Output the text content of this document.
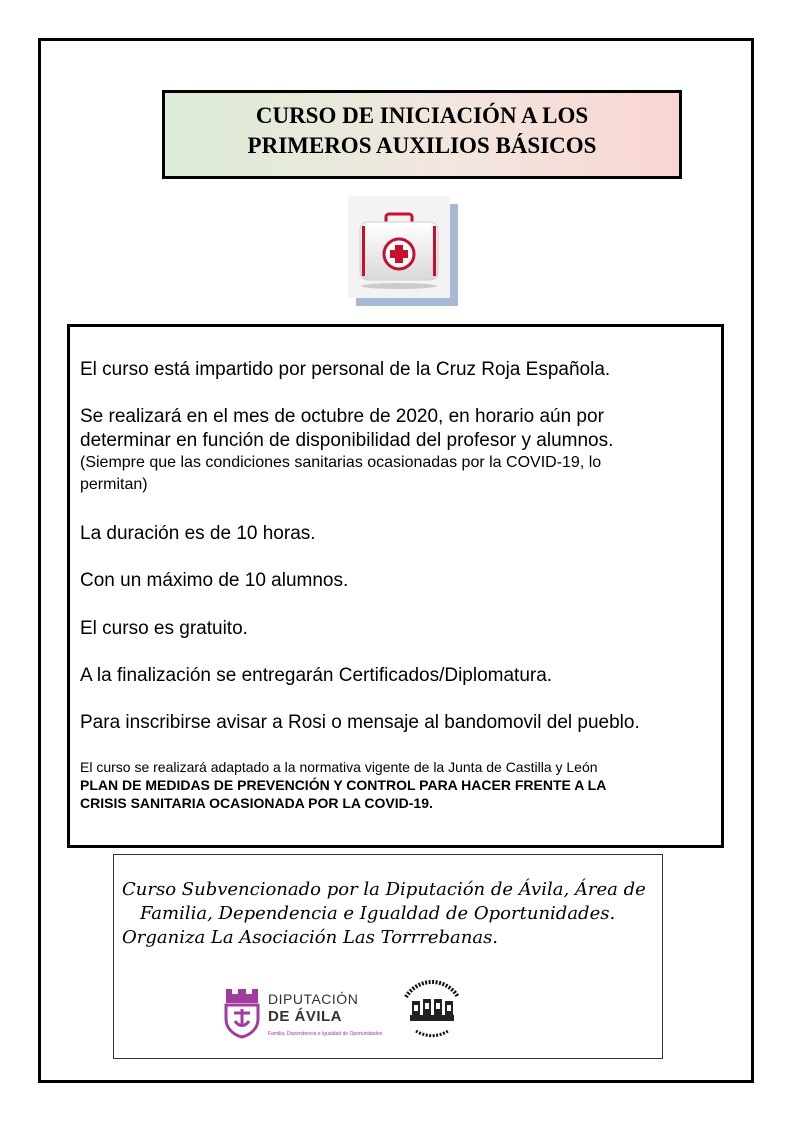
CURSO DE INICIACIÓN A LOS
PRIMEROS AUXILIOS BÁSICOS

El curso está impartido por personal de la Cruz Roja Española.

Se realizará en el mes de octubre de 2020, en horario aún por

determinar en función de disponibilidad del profesor y alumnos.

(Siempre que las condiciones sanitarias ocasionadas por la COVID-19, lo

permitan)

La duración es de 10 horas.

Con un máximo de 10 alumnos.

El curso es gratuito.

A la finalización se entregarán Certificados/Diplomatura.

Para inscribirse avisar a Rosi o mensaje al bandomovil del pueblo.

El curso se realizará adaptado a la normativa vigente de la Junta de Castilla y León

PLAN DE MEDIDAS DE PREVENCIÓN Y CONTROL PARA HACER FRENTE A LA

CRISIS SANITARIA OCASIONADA POR LA COVID-19.

Curso Subvencionado por la Diputación de Ávila, Área de

Familia, Dependencia e Igualdad de Oportunidades.

Organiza La Asociación Las Torrrebanas.

DIPUTACIÓN
DE ÁVILA
Familia, Dependencia e Igualdad de Oportunidades
